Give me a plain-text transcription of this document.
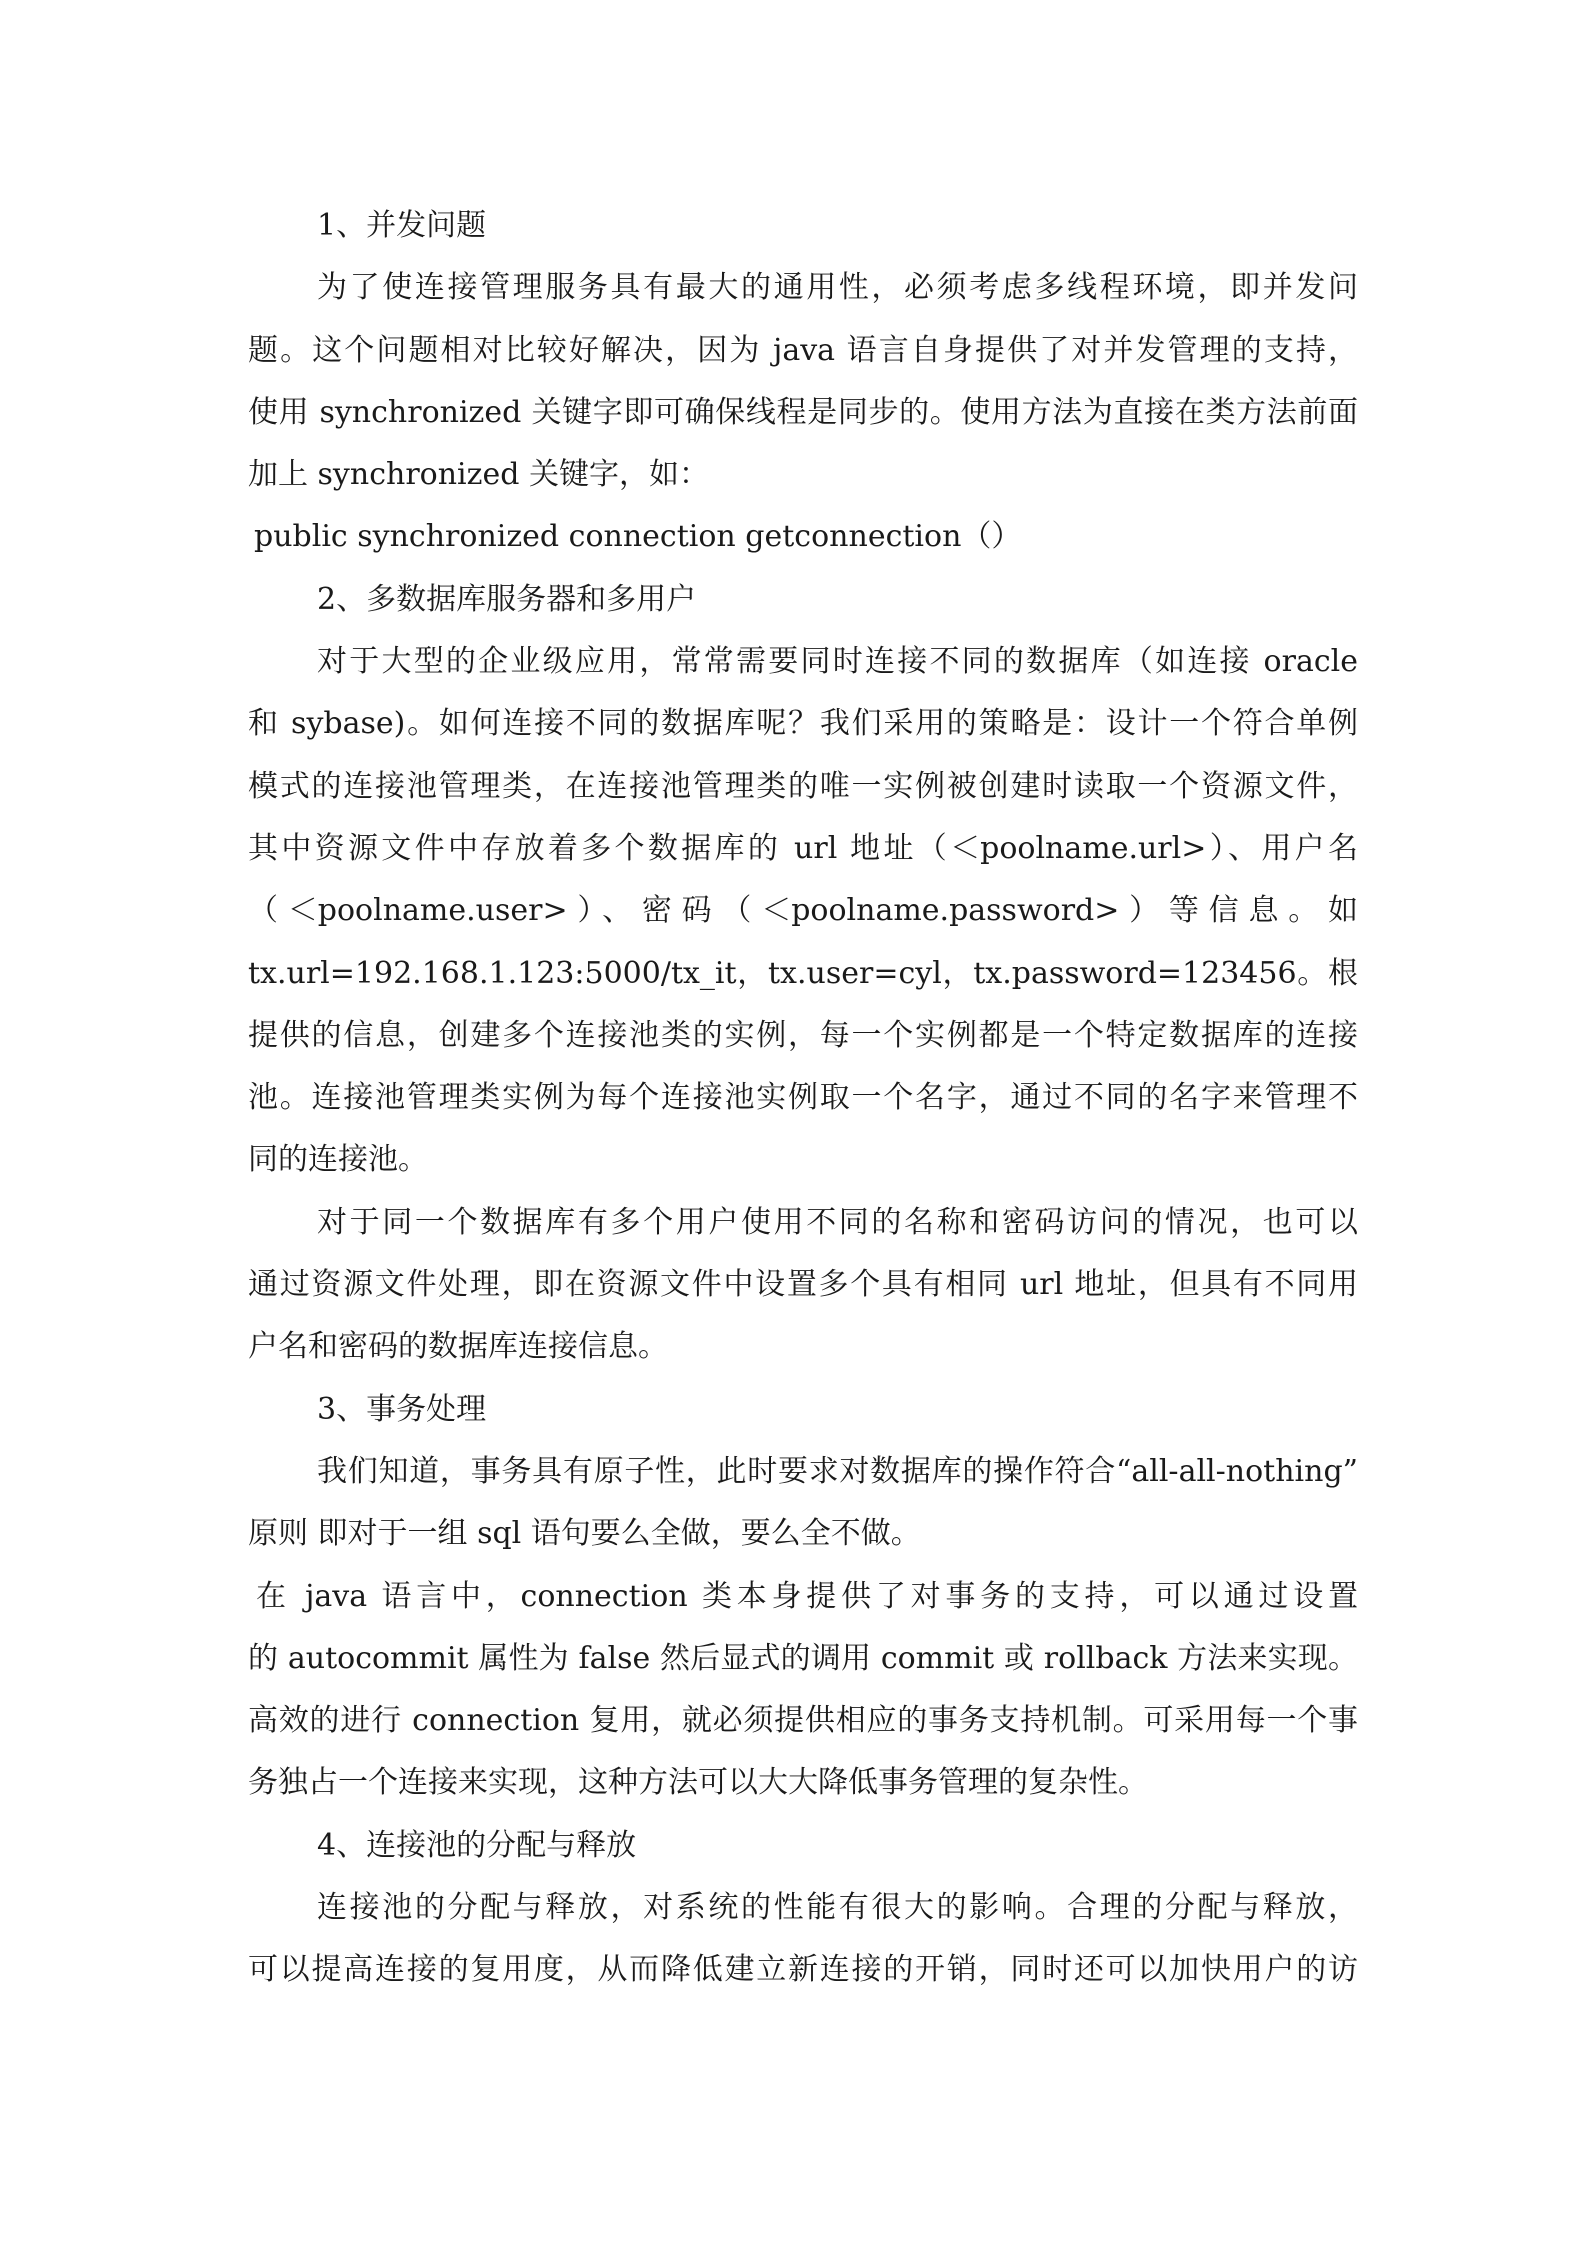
1、并发问题
为了使连接管理服务具有最大的通用性，必须考虑多线程环境，即并发问
题。这个问题相对比较好解决，因为 java 语言自身提供了对并发管理的支持，
使用 synchronized 关键字即可确保线程是同步的。使用方法为直接在类方法前面
加上 synchronized 关键字，如：
public synchronized connection getconnection（）
2、多数据库服务器和多用户
对于大型的企业级应用，常常需要同时连接不同的数据库（如连接 oracle
和 sybase)。如何连接不同的数据库呢？我们采用的策略是：设计一个符合单例
模式的连接池管理类，在连接池管理类的唯一实例被创建时读取一个资源文件，
其中资源文件中存放着多个数据库的 url 地址（＜poolname.url>）、用户名
（＜poolname.user>）、密码（＜poolname.password>）等信息。如
tx.url=192.168.1.123:5000/tx_it，tx.user=cyl，tx.password=123456。根
提供的信息，创建多个连接池类的实例，每一个实例都是一个特定数据库的连接
池。连接池管理类实例为每个连接池实例取一个名字，通过不同的名字来管理不
同的连接池。
对于同一个数据库有多个用户使用不同的名称和密码访问的情况，也可以
通过资源文件处理，即在资源文件中设置多个具有相同 url 地址，但具有不同用
户名和密码的数据库连接信息。
3、事务处理
我们知道，事务具有原子性，此时要求对数据库的操作符合“all-all-nothing”
原则 即对于一组 sql 语句要么全做，要么全不做。
在 java 语言中，connection 类本身提供了对事务的支持，可以通过设置
的 autocommit 属性为 false 然后显式的调用 commit 或 rollback 方法来实现。
高效的进行 connection 复用，就必须提供相应的事务支持机制。可采用每一个事
务独占一个连接来实现，这种方法可以大大降低事务管理的复杂性。
4、连接池的分配与释放
连接池的分配与释放，对系统的性能有很大的影响。合理的分配与释放，
可以提高连接的复用度，从而降低建立新连接的开销，同时还可以加快用户的访
